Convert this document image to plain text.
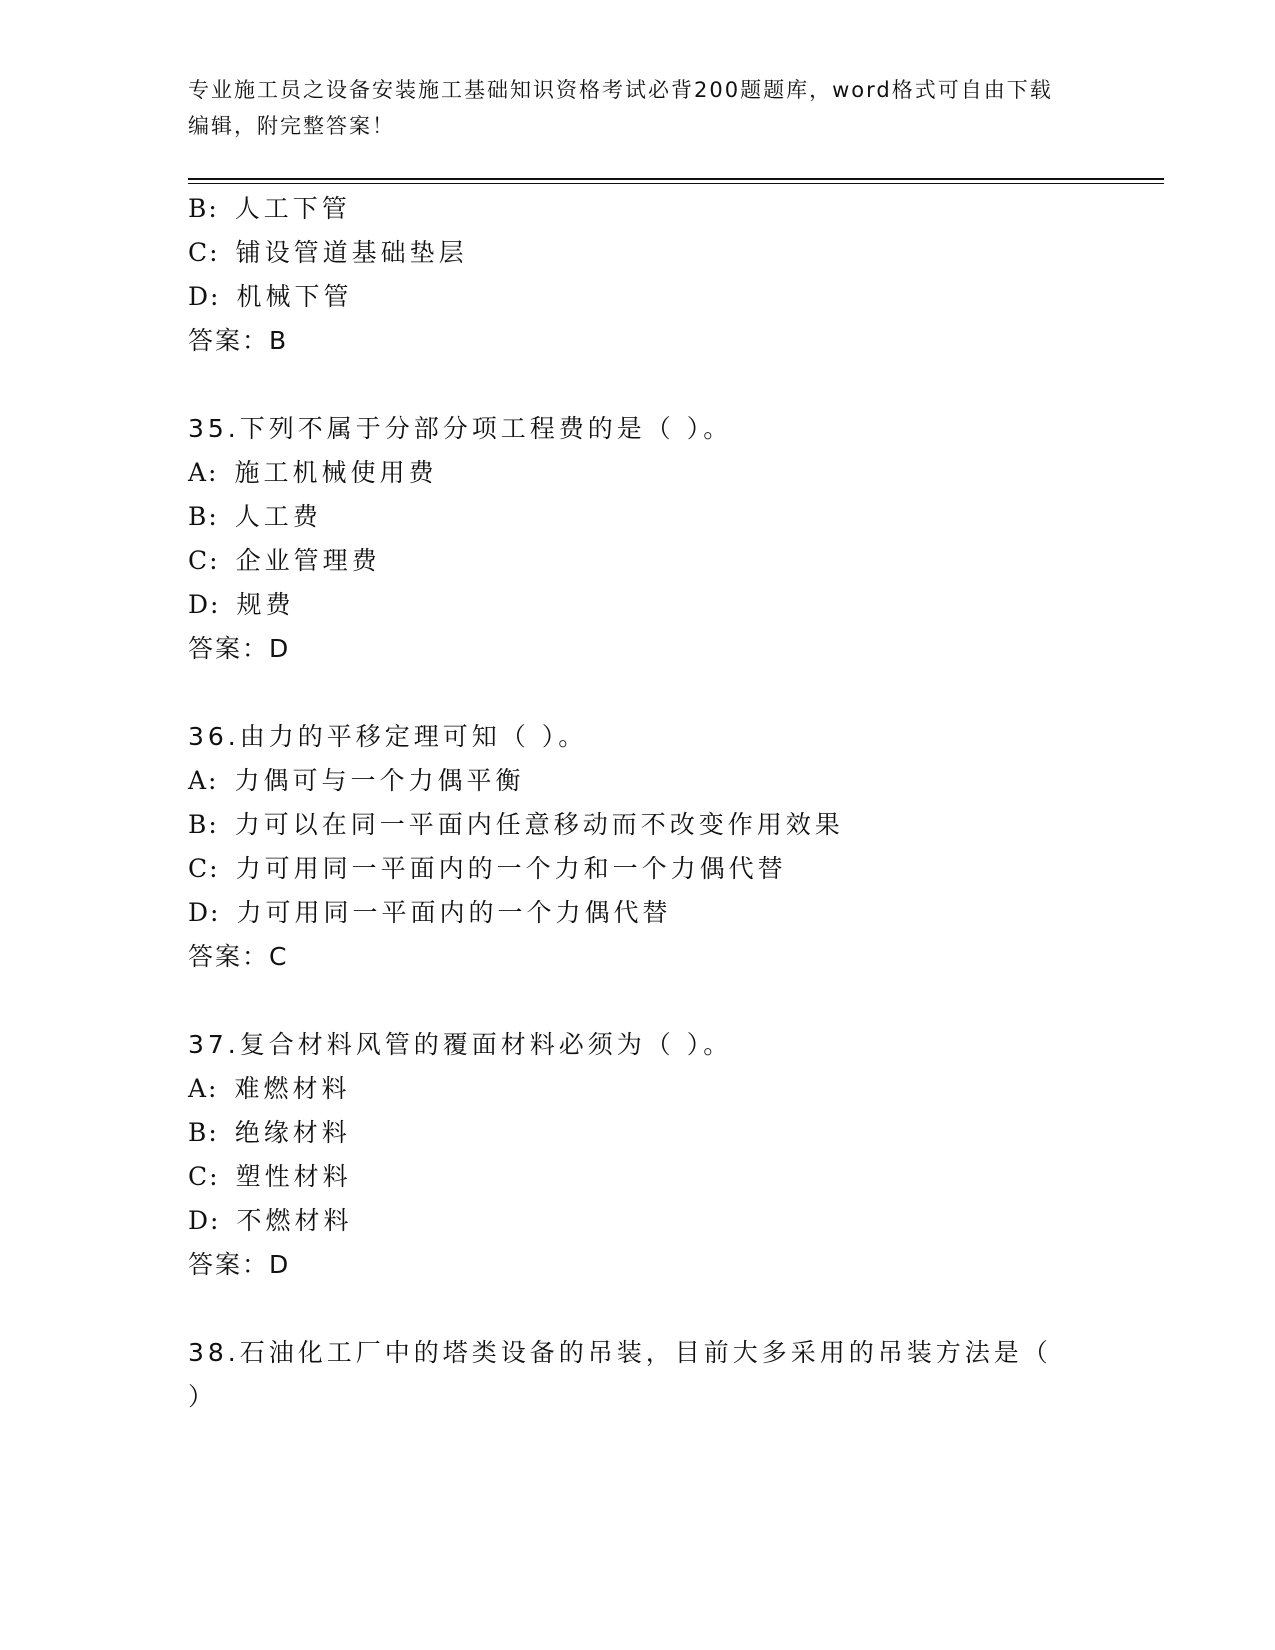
专业施工员之设备安装施工基础知识资格考试必背200题题库，word格式可自由下载编辑，附完整答案！
B: 人工下管
C: 铺设管道基础垫层
D: 机械下管
答案：B
35.下列不属于分部分项工程费的是（ ）。
A: 施工机械使用费
B: 人工费
C: 企业管理费
D: 规费
答案：D
36.由力的平移定理可知（ ）。
A: 力偶可与一个力偶平衡
B: 力可以在同一平面内任意移动而不改变作用效果
C: 力可用同一平面内的一个力和一个力偶代替
D: 力可用同一平面内的一个力偶代替
答案：C
37.复合材料风管的覆面材料必须为（ ）。
A: 难燃材料
B: 绝缘材料
C: 塑性材料
D: 不燃材料
答案：D
38.石油化工厂中的塔类设备的吊装，目前大多采用的吊装方法是（
）
